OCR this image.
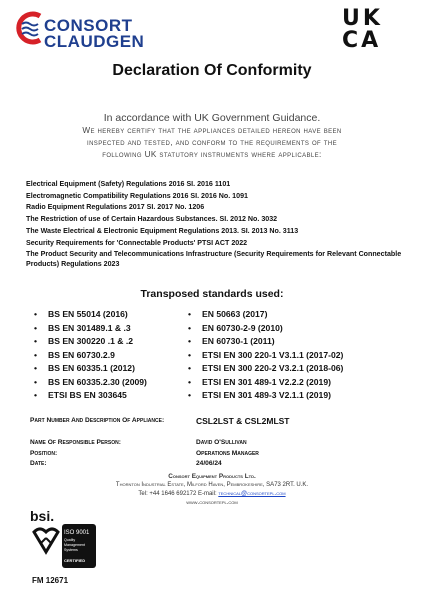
CONSORT
CLAUDGEN
UK
CA
Declaration Of Conformity
In accordance with UK Government Guidance.
We hereby certify that the appliances detailed hereon have been
inspected and tested, and conform to the requirements of the
following UK statutory instruments where applicable:
Electrical Equipment (Safety) Regulations 2016 SI. 2016 1101
Electromagnetic Compatibility Regulations 2016 SI. 2016 No. 1091
Radio Equipment Regulations 2017 SI. 2017 No. 1206
The Restriction of use of Certain Hazardous Substances. SI. 2012 No. 3032
The Waste Electrical & Electronic Equipment Regulations 2013. SI. 2013 No. 3113
Security Requirements for 'Connectable Products' PTSI ACT 2022
The Product Security and Telecommunications Infrastructure (Security Requirements for Relevant Connectable Products) Regulations 2023
Transposed standards used:
• BS EN 55014 (2016)
• BS EN 301489.1 & .3
• BS EN 300220 .1 & .2
• BS EN 60730.2.9
• BS EN 60335.1 (2012)
• BS EN 60335.2.30 (2009)
• ETSI BS EN 303645
• EN 50663 (2017)
• EN 60730-2-9 (2010)
• EN 60730-1 (2011)
• ETSI EN 300 220-1 V3.1.1 (2017-02)
• ETSI EN 300 220-2 V3.2.1 (2018-06)
• ETSI EN 301 489-1 V2.2.2 (2019)
• ETSI EN 301 489-3 V2.1.1 (2019)
Part Number And Description Of Appliance:	CSL2LST & CSL2MLST
Name Of Responsible Person:	David O'Sullivan
Position:	Operations Manager
Date:	24/06/24
Consort Equipment Products Ltd.
Thornton Industrial Estate, Milford Haven, Pembrokeshire, SA73 2RT. U.K.
Tel: +44 1646 692172 E-mail: technical@consortepl.com
www.consortepl.com
bsi.
ISO 9001
Quality
Management
Systems
CERTIFIED
FM 12671
